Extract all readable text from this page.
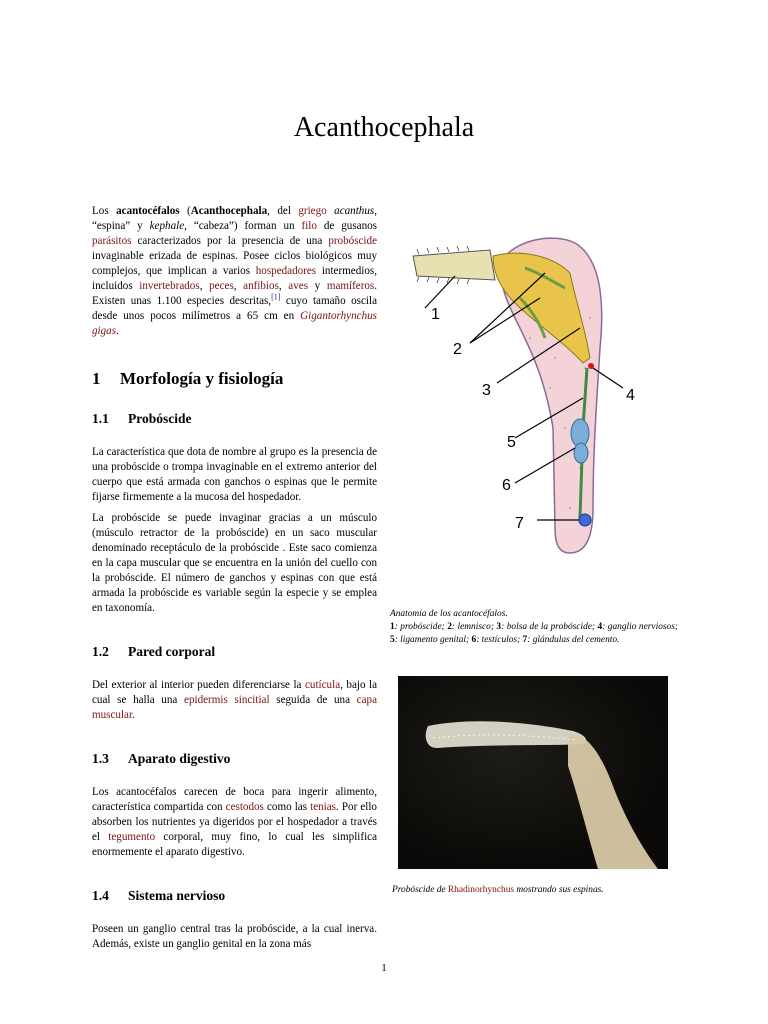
Acanthocephala

Los acantocéfalos (Acanthocephala, del griego acanthus, “espina” y kephale, “cabeza”) forman un filo de gusanos parásitos caracterizados por la presencia de una probóscide invaginable erizada de espinas. Posee ciclos biológicos muy complejos, que implican a varios hospedadores intermedios, incluidos invertebrados, peces, anfibios, aves y mamíferos. Existen unas 1.100 especies descritas,[1] cuyo tamaño oscila desde unos pocos milímetros a 65 cm en Gigantorhynchus gigas.

1 Morfología y fisiología
1.1 Probóscide

La característica que dota de nombre al grupo es la presencia de una probóscide o trompa invaginable en el extremo anterior del cuerpo que está armada con ganchos o espinas que le permite fijarse firmemente a la mucosa del hospedador.

La probóscide se puede invaginar gracias a un músculo (músculo retractor de la probóscide) en un saco muscular denominado receptáculo de la probóscide . Este saco comienza en la capa muscular que se encuentra en la unión del cuello con la probóscide. El número de ganchos y espinas con que está armada la probóscide es variable según la especie y se emplea en taxonomía.

1.2 Pared corporal

Del exterior al interior pueden diferenciarse la cutícula, bajo la cual se halla una epidermis sincitial seguida de una capa muscular.

1.3 Aparato digestivo

Los acantocéfalos carecen de boca para ingerir alimento, característica compartida con cestodos como las tenias. Por ello absorben los nutrientes ya digeridos por el hospedador a través el tegumento corporal, muy fino, lo cual les simplifica enormemente el aparato digestivo.

1.4 Sistema nervioso

Poseen un ganglio central tras la probóscide, a la cual inerva. Además, existe un ganglio genital en la zona más

1
2
3	4
5
6
7
Anatomía de los acantocéfalos.
1: probóscide; 2: lemnisco; 3: bolsa de la probóscide; 4: ganglio nerviosos; 5: ligamento genital; 6: testículos; 7: glándulas del cemento.
Probóscide de Rhadinorhynchus mostrando sus espinas.
1
